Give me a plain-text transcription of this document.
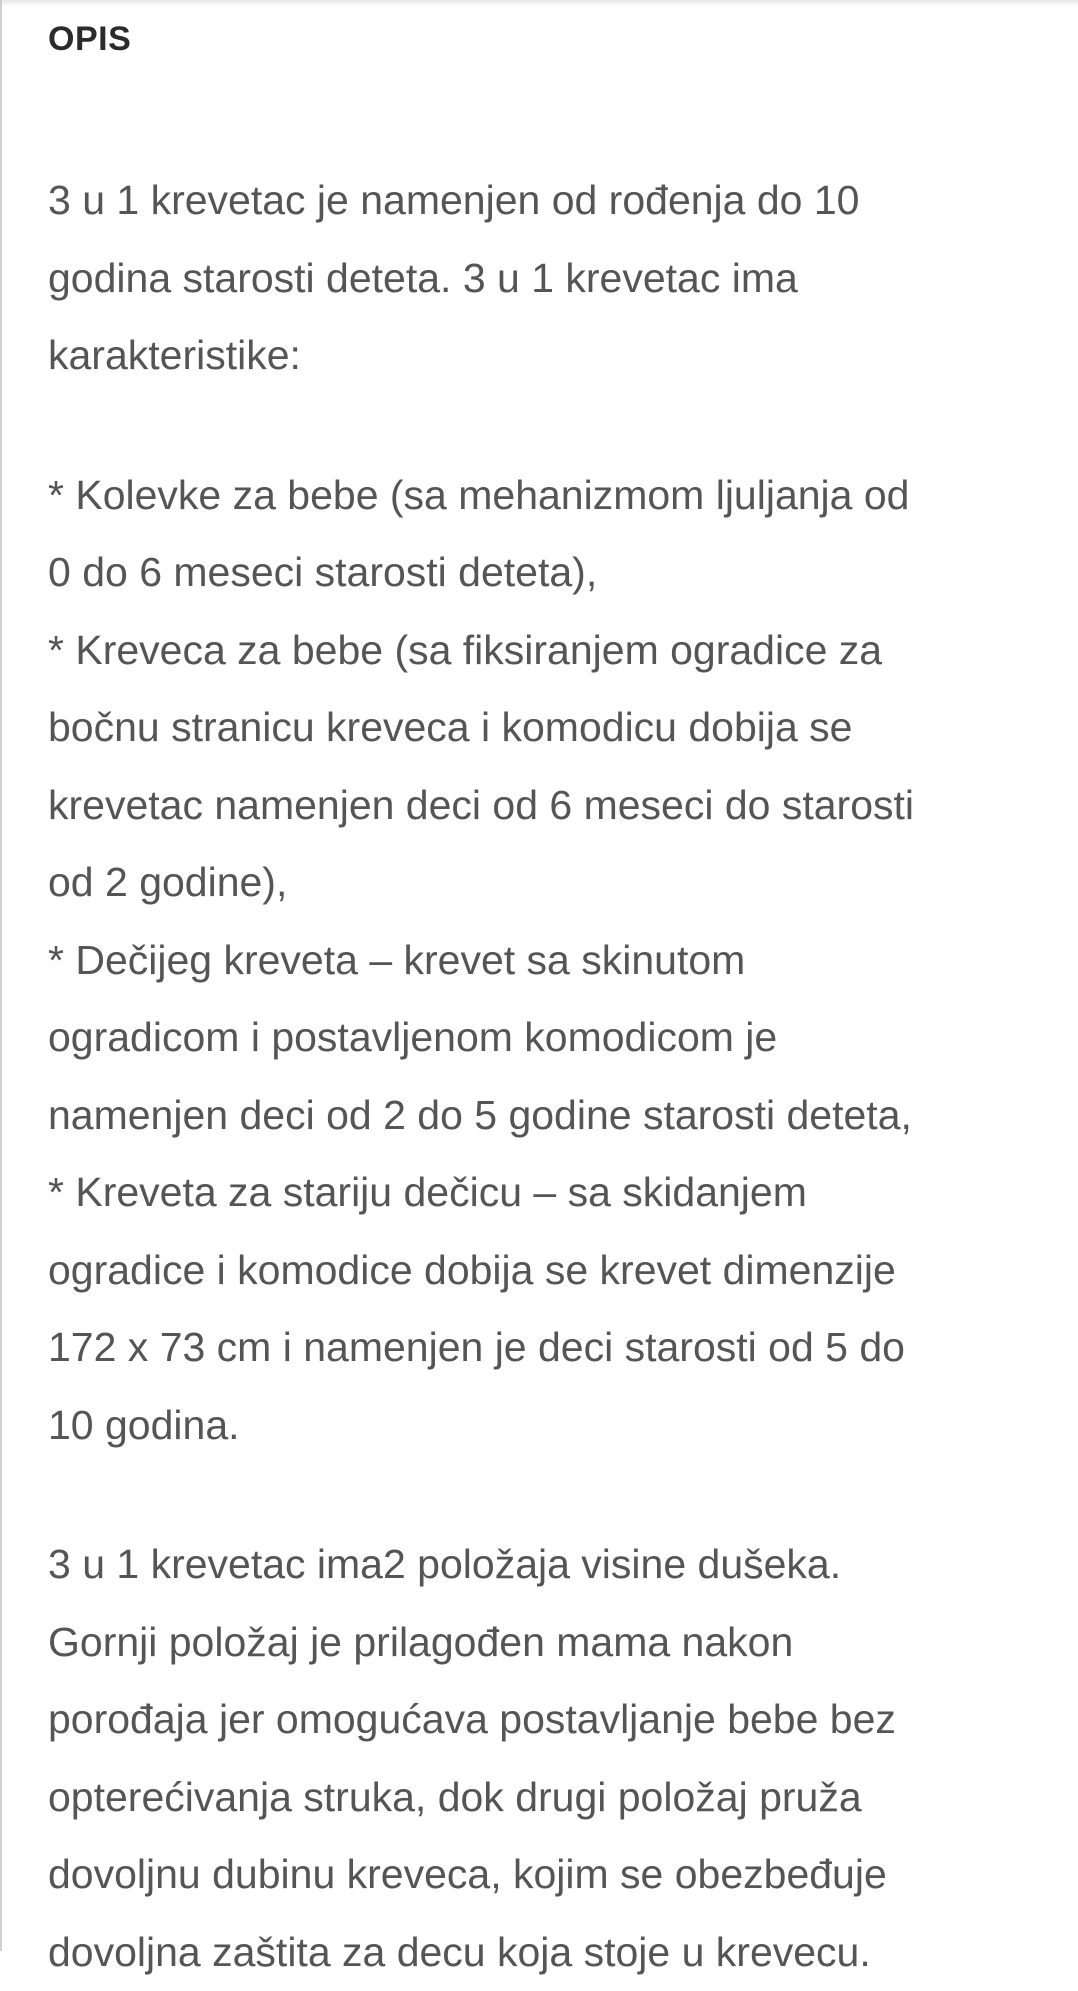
OPIS

3 u 1 krevetac je namenjen od rođenja do 10
godina starosti deteta. 3 u 1 krevetac ima
karakteristike:

* Kolevke za bebe (sa mehanizmom ljuljanja od
0 do 6 meseci starosti deteta),
* Kreveca za bebe (sa fiksiranjem ogradice za
bočnu stranicu kreveca i komodicu dobija se
krevetac namenjen deci od 6 meseci do starosti
od 2 godine),
* Dečijeg kreveta – krevet sa skinutom
ogradicom i postavljenom komodicom je
namenjen deci od 2 do 5 godine starosti deteta,
* Kreveta za stariju dečicu – sa skidanjem
ogradice i komodice dobija se krevet dimenzije
172 x 73 cm i namenjen je deci starosti od 5 do
10 godina.

3 u 1 krevetac ima2 položaja visine dušeka.
Gornji položaj je prilagođen mama nakon
porođaja jer omogućava postavljanje bebe bez
opterećivanja struka, dok drugi položaj pruža
dovoljnu dubinu kreveca, kojim se obezbeđuje
dovoljna zaštita za decu koja stoje u krevecu.
